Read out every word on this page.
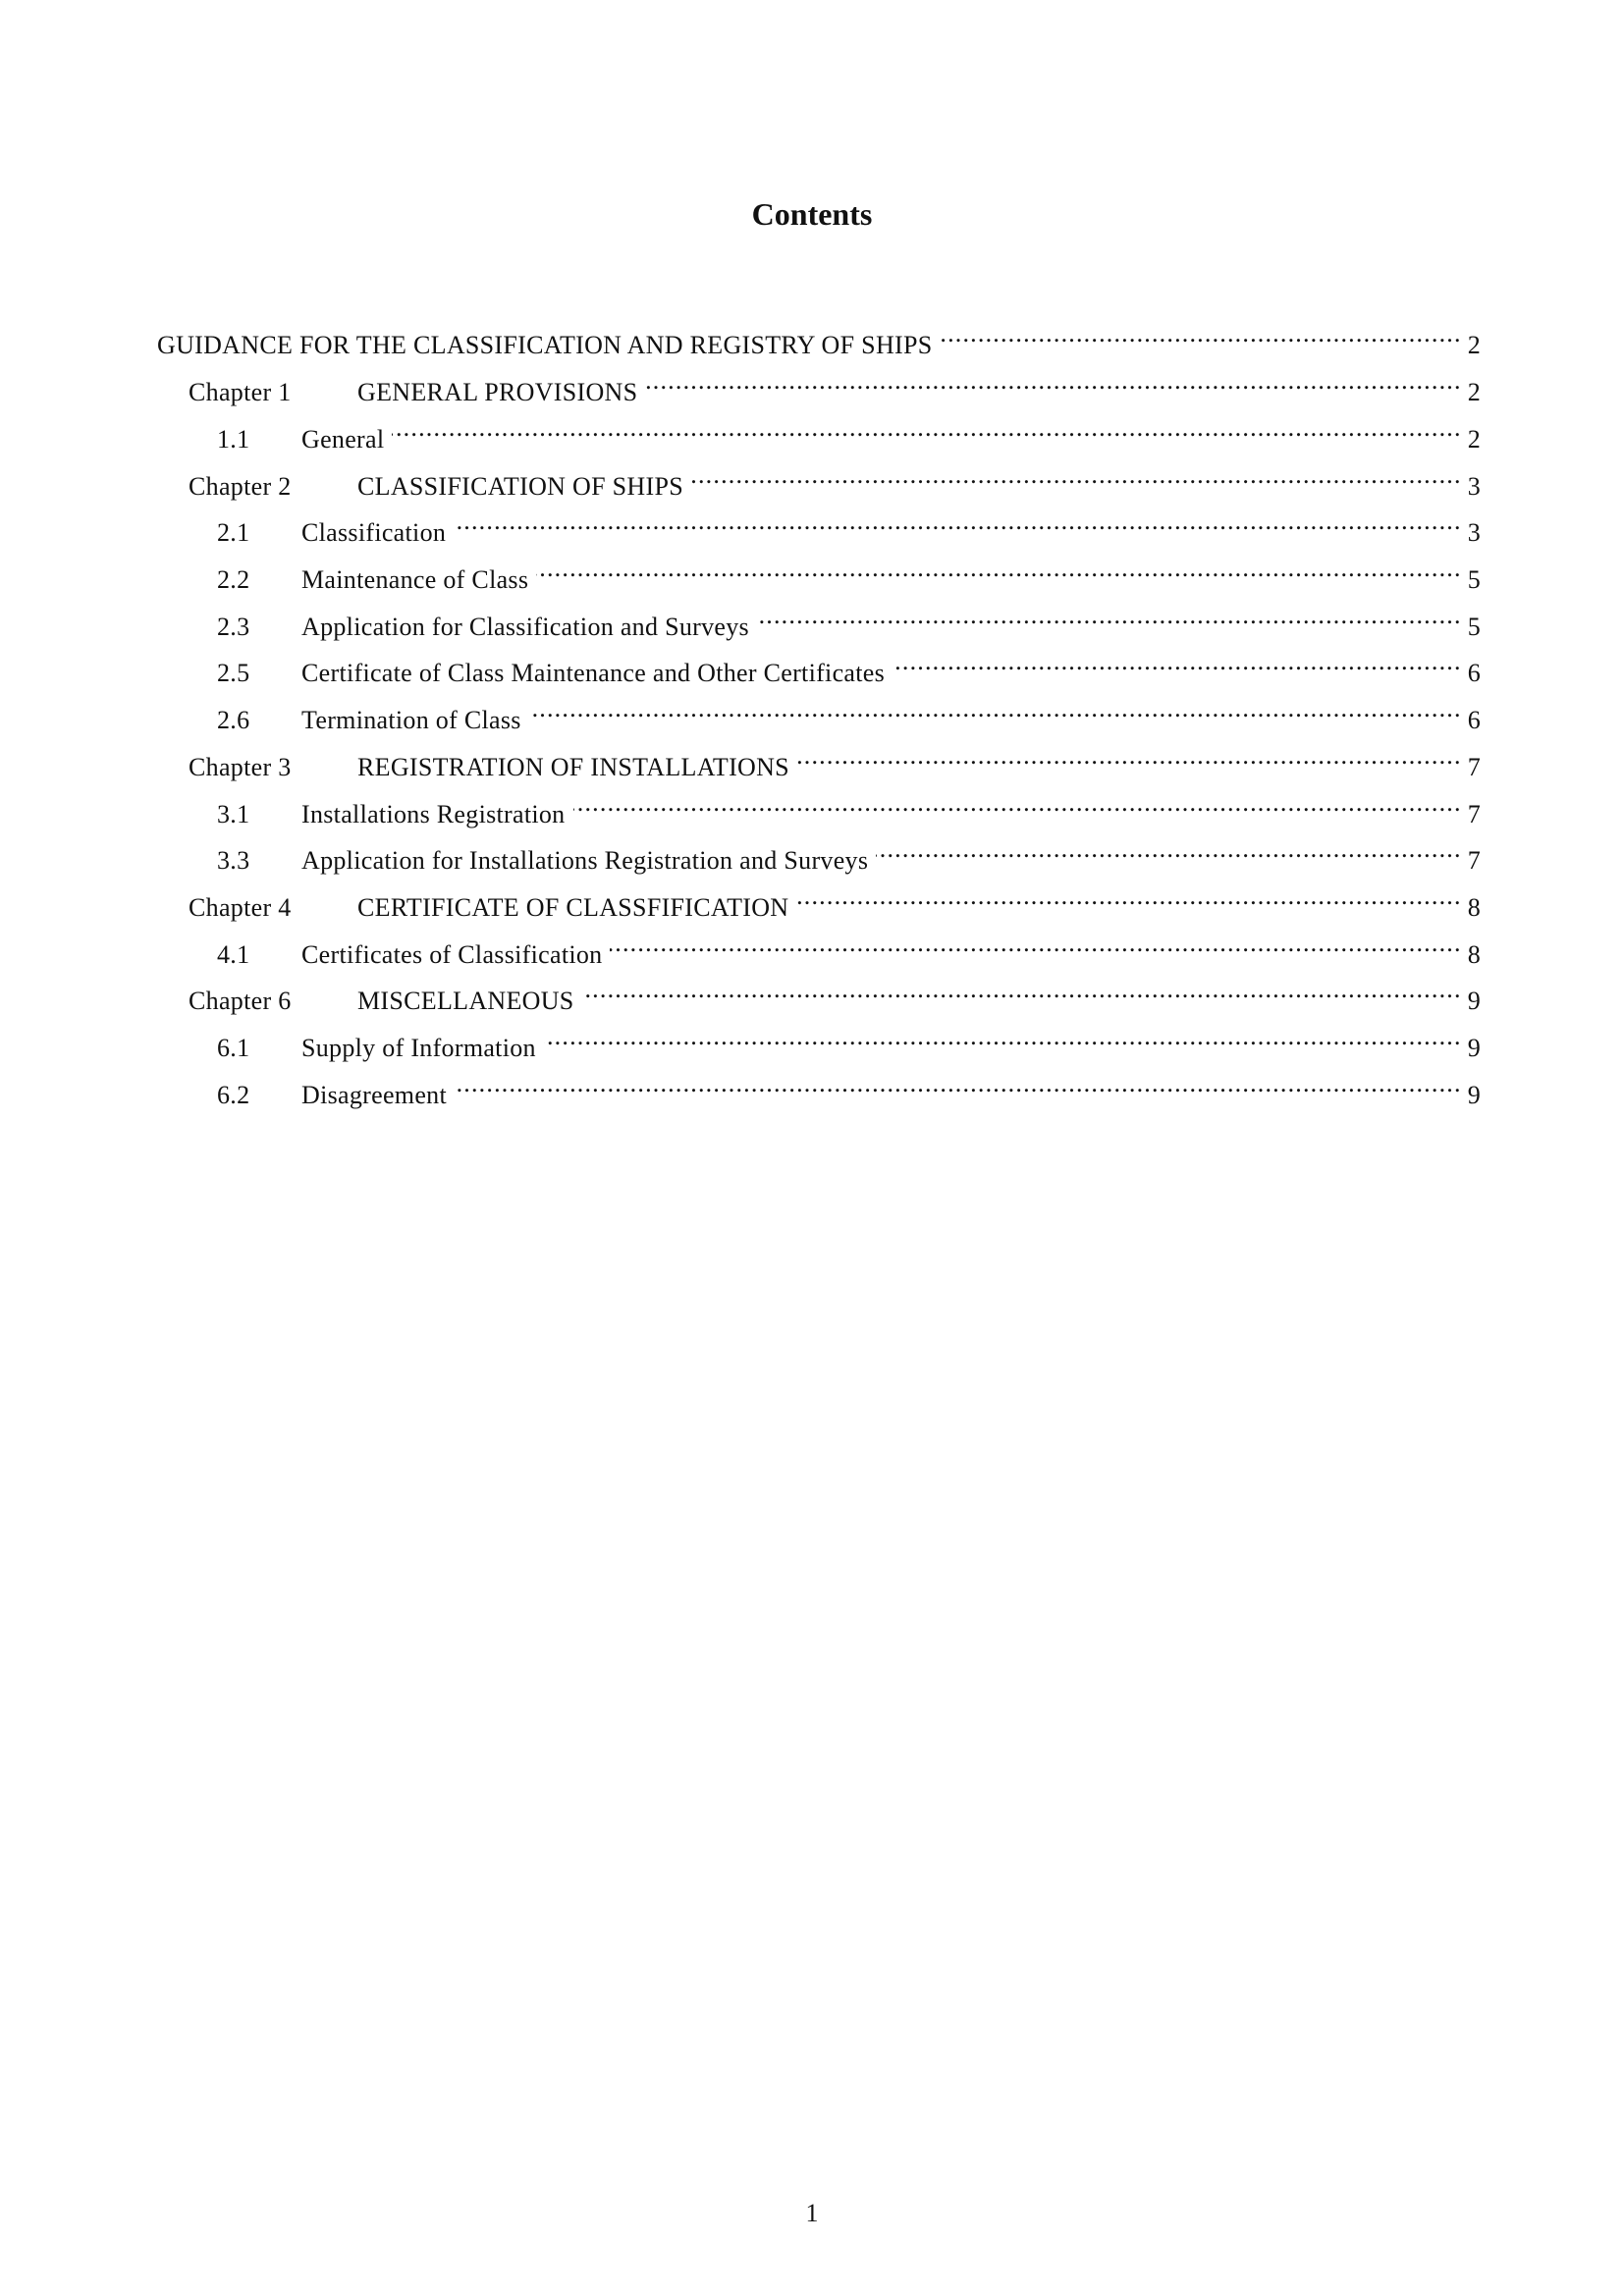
Contents
GUIDANCE FOR THE CLASSIFICATION AND REGISTRY OF SHIPS .....	2
Chapter 1	GENERAL PROVISIONS .....	2
1.1	General .....	2
Chapter 2	CLASSIFICATION OF SHIPS .....	3
2.1	Classification .....	3
2.2	Maintenance of Class .....	5
2.3	Application for Classification and Surveys .....	5
2.5	Certificate of Class Maintenance and Other Certificates .....	6
2.6	Termination of Class .....	6
Chapter 3	REGISTRATION OF INSTALLATIONS .....	7
3.1	Installations Registration .....	7
3.3	Application for Installations Registration and Surveys .....	7
Chapter 4	CERTIFICATE OF CLASSFIFICATION .....	8
4.1	Certificates of Classification .....	8
Chapter 6	MISCELLANEOUS .....	9
6.1	Supply of Information .....	9
6.2	Disagreement .....	9
1
